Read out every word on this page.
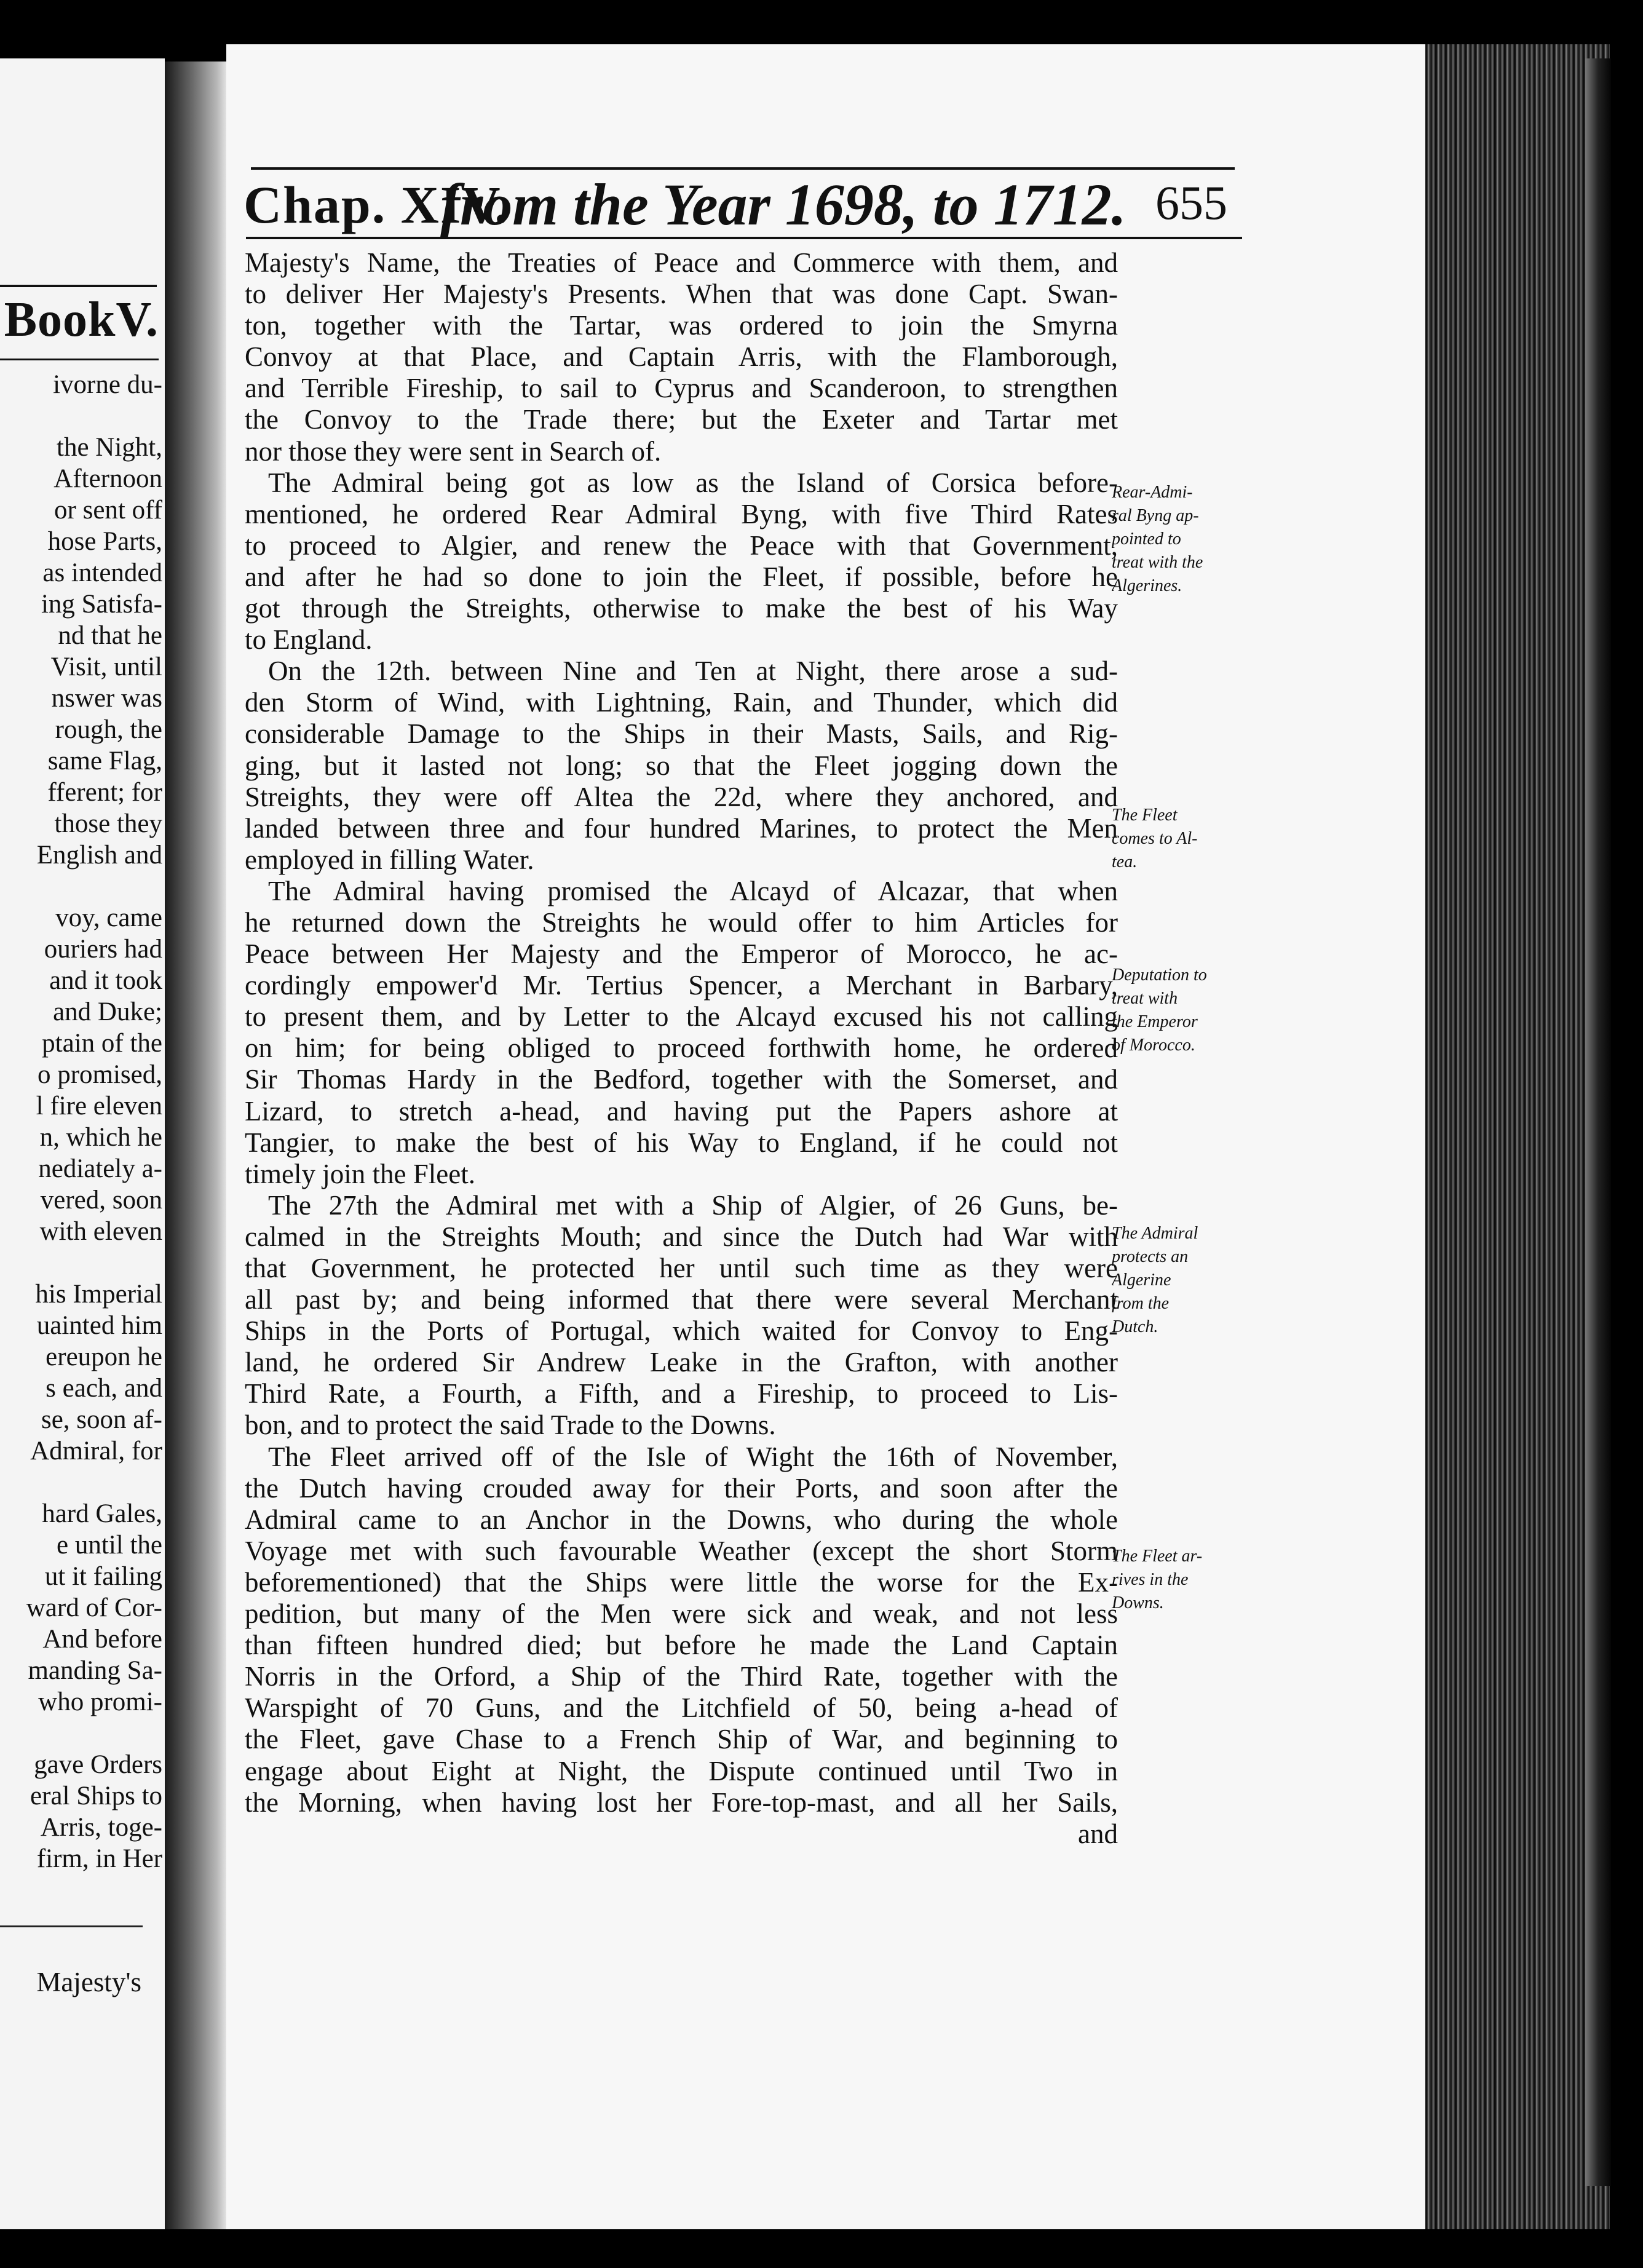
BookV.
ivorne du-
the Night,
Afternoon
or sent off
hose Parts,
as intended
ing Satisfa-
nd that he
Visit, until
nswer was
rough, the
same Flag,
fferent; for
those they
English and
voy, came
ouriers had
and it took
and Duke;
ptain of the
o promised,
l fire eleven
n, which he
nediately a-
vered, soon
with eleven
his Imperial
uainted him
ereupon he
s each, and
se, soon af-
Admiral, for
hard Gales,
e until the
ut it failing
ward of Cor-
And before
manding Sa-
who promi-
gave Orders
eral Ships to
Arris, toge-
firm, in Her
Majesty's
Chap. XIV.
from the Year 1698, to 1712. 655
Majesty's Name, the Treaties of Peace and Commerce with them, and
to deliver Her Majesty's Presents. When that was done Capt. Swan-
ton, together with the Tartar, was ordered to join the Smyrna
Convoy at that Place, and Captain Arris, with the Flamborough,
and Terrible Fireship, to sail to Cyprus and Scanderoon, to strengthen
the Convoy to the Trade there; but the Exeter and Tartar met
nor those they were sent in Search of.
The Admiral being got as low as the Island of Corsica before-
mentioned, he ordered Rear Admiral Byng, with five Third Rates
to proceed to Algier, and renew the Peace with that Government,
and after he had so done to join the Fleet, if possible, before he
got through the Streights, otherwise to make the best of his Way
to England.
On the 12th. between Nine and Ten at Night, there arose a sud-
den Storm of Wind, with Lightning, Rain, and Thunder, which did
considerable Damage to the Ships in their Masts, Sails, and Rig-
ging, but it lasted not long; so that the Fleet jogging down the
Streights, they were off Altea the 22d, where they anchored, and
landed between three and four hundred Marines, to protect the Men
employed in filling Water.
The Admiral having promised the Alcayd of Alcazar, that when
he returned down the Streights he would offer to him Articles for
Peace between Her Majesty and the Emperor of Morocco, he ac-
cordingly empower'd Mr. Tertius Spencer, a Merchant in Barbary,
to present them, and by Letter to the Alcayd excused his not calling
on him; for being obliged to proceed forthwith home, he ordered
Sir Thomas Hardy in the Bedford, together with the Somerset, and
Lizard, to stretch a-head, and having put the Papers ashore at
Tangier, to make the best of his Way to England, if he could not
timely join the Fleet.
The 27th the Admiral met with a Ship of Algier, of 26 Guns, be-
calmed in the Streights Mouth; and since the Dutch had War with
that Government, he protected her until such time as they were
all past by; and being informed that there were several Merchant
Ships in the Ports of Portugal, which waited for Convoy to Eng-
land, he ordered Sir Andrew Leake in the Grafton, with another
Third Rate, a Fourth, a Fifth, and a Fireship, to proceed to Lis-
bon, and to protect the said Trade to the Downs.
The Fleet arrived off of the Isle of Wight the 16th of November,
the Dutch having crouded away for their Ports, and soon after the
Admiral came to an Anchor in the Downs, who during the whole
Voyage met with such favourable Weather (except the short Storm
beforementioned) that the Ships were little the worse for the Ex-
pedition, but many of the Men were sick and weak, and not less
than fifteen hundred died; but before he made the Land Captain
Norris in the Orford, a Ship of the Third Rate, together with the
Warspight of 70 Guns, and the Litchfield of 50, being a-head of
the Fleet, gave Chase to a French Ship of War, and beginning to
engage about Eight at Night, the Dispute continued until Two in
the Morning, when having lost her Fore-top-mast, and all her Sails,
and
Rear-Admi-
ral Byng ap-
pointed to
treat with the
Algerines.
The Fleet
comes to Al-
tea.
Deputation to
treat with
the Emperor
of Morocco.
The Admiral
protects an
Algerine
from the
Dutch.
The Fleet ar-
rives in the
Downs.
